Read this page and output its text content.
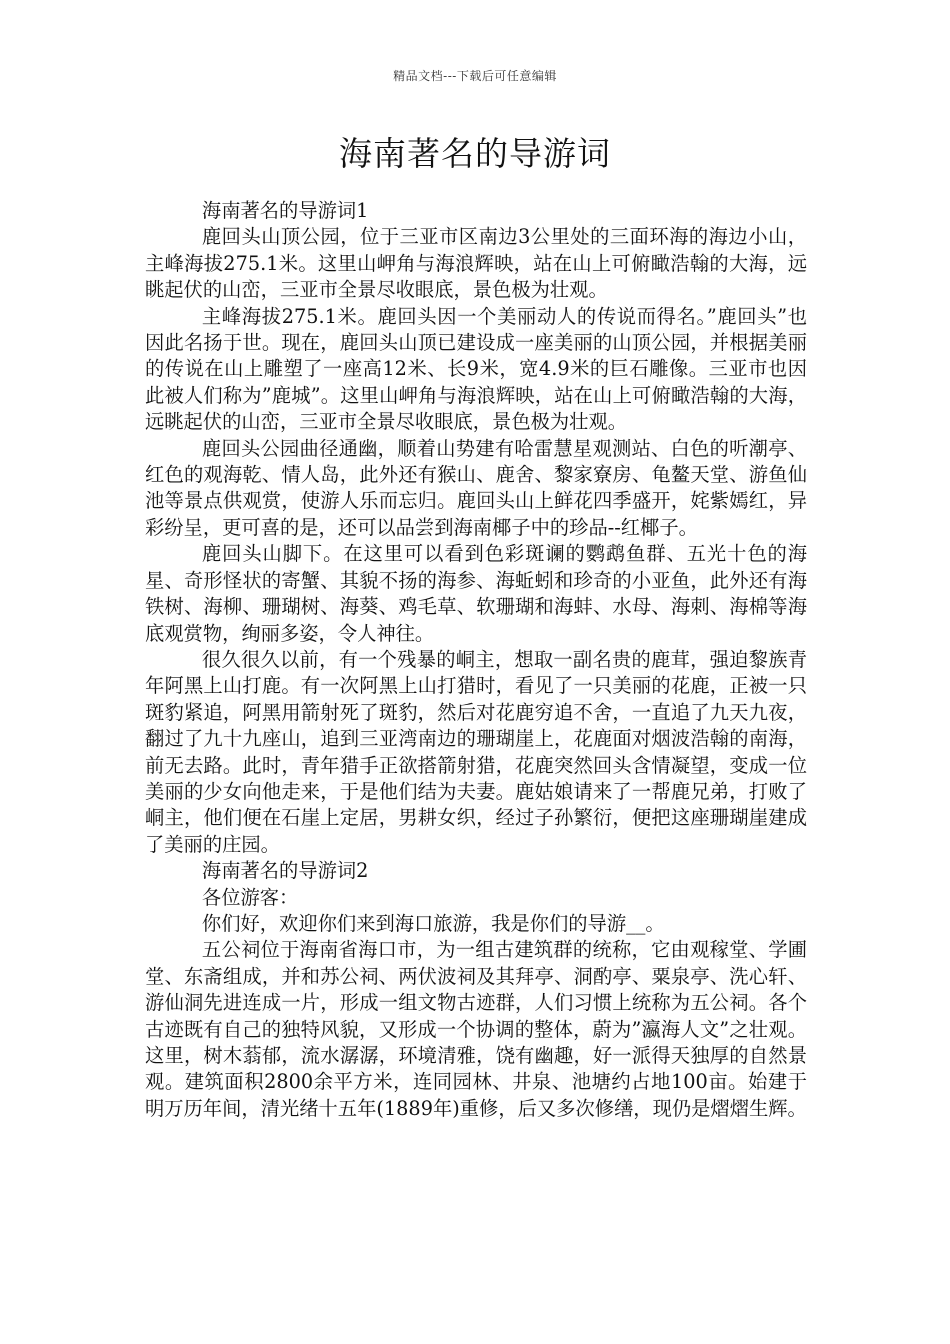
精品文档---下载后可任意编辑
海南著名的导游词

海南著名的导游词1

鹿回头山顶公园，位于三亚市区南边3公里处的三面环海的海边小山，主峰海拔275.1米。这里山岬角与海浪辉映，站在山上可俯瞰浩翰的大海，远眺起伏的山峦，三亚市全景尽收眼底，景色极为壮观。

主峰海拔275.1米。鹿回头因一个美丽动人的传说而得名。”鹿回头”也因此名扬于世。现在，鹿回头山顶已建设成一座美丽的山顶公园，并根据美丽的传说在山上雕塑了一座高12米、长9米，宽4.9米的巨石雕像。三亚市也因此被人们称为”鹿城”。这里山岬角与海浪辉映，站在山上可俯瞰浩翰的大海，远眺起伏的山峦，三亚市全景尽收眼底，景色极为壮观。

鹿回头公园曲径通幽，顺着山势建有哈雷慧星观测站、白色的听潮亭、红色的观海乾、情人岛，此外还有猴山、鹿舍、黎家寮房、龟鳌天堂、游鱼仙池等景点供观赏，使游人乐而忘归。鹿回头山上鲜花四季盛开，姹紫嫣红，异彩纷呈，更可喜的是，还可以品尝到海南椰子中的珍品--红椰子。

鹿回头山脚下。在这里可以看到色彩斑谰的鹦鹉鱼群、五光十色的海星、奇形怪状的寄蟹、其貌不扬的海参、海蚯蚓和珍奇的小亚鱼，此外还有海铁树、海柳、珊瑚树、海葵、鸡毛草、软珊瑚和海蚌、水母、海刺、海棉等海底观赏物，绚丽多姿，令人神往。

很久很久以前，有一个残暴的峒主，想取一副名贵的鹿茸，强迫黎族青年阿黑上山打鹿。有一次阿黑上山打猎时，看见了一只美丽的花鹿，正被一只斑豹紧追，阿黑用箭射死了斑豹，然后对花鹿穷追不舍，一直追了九天九夜，翻过了九十九座山，追到三亚湾南边的珊瑚崖上，花鹿面对烟波浩翰的南海，前无去路。此时，青年猎手正欲搭箭射猎，花鹿突然回头含情凝望，变成一位美丽的少女向他走来，于是他们结为夫妻。鹿姑娘请来了一帮鹿兄弟，打败了峒主，他们便在石崖上定居，男耕女织，经过子孙繁衍，便把这座珊瑚崖建成了美丽的庄园。

海南著名的导游词2

各位游客：

你们好，欢迎你们来到海口旅游，我是你们的导游__。

五公祠位于海南省海口市，为一组古建筑群的统称，它由观稼堂、学圃堂、东斋组成，并和苏公祠、两伏波祠及其拜亭、洞酌亭、粟泉亭、洗心轩、游仙洞先进连成一片，形成一组文物古迹群，人们习惯上统称为五公祠。各个古迹既有自己的独特风貌，又形成一个协调的整体，蔚为”瀛海人文”之壮观。这里，树木蓊郁，流水潺潺，环境清雅，饶有幽趣，好一派得天独厚的自然景观。建筑面积2800余平方米，连同园林、井泉、池塘约占地100亩。始建于明万历年间，清光绪十五年(1889年)重修，后又多次修缮，现仍是熠熠生辉。
